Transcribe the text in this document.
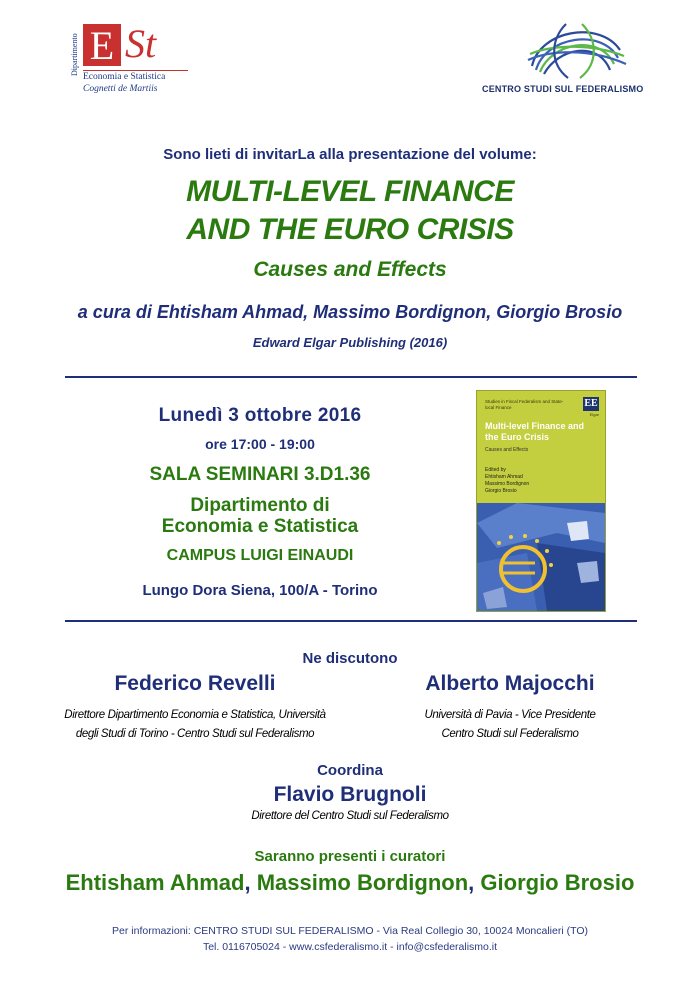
Dipartimento E St
Economia e Statistica
Cognetti de Martiis	CENTRO STUDI SUL FEDERALISMO
Sono lieti di invitarLa alla presentazione del volume:
MULTI-LEVEL FINANCE
AND THE EURO CRISIS
Causes and Effects
a cura di Ehtisham Ahmad, Massimo Bordignon, Giorgio Brosio
Edward Elgar Publishing (2016)
Lunedì 3 ottobre 2016
ore 17:00 - 19:00
SALA SEMINARI 3.D1.36
Dipartimento di
Economia e Statistica
CAMPUS LUIGI EINAUDI
Lungo Dora Siena, 100/A - Torino
Studies in Fiscal Federalism and State-local Finance	EE
Elgar
Multi-level Finance and the Euro Crisis
Causes and Effects
Edited by
Ehtisham Ahmad
Massimo Bordignon
Giorgio Brosio
Ne discutono
Federico Revelli
Direttore Dipartimento Economia e Statistica, Università
degli Studi di Torino - Centro Studi sul Federalismo
Alberto Majocchi
Università di Pavia - Vice Presidente
Centro Studi sul Federalismo
Coordina
Flavio Brugnoli
Direttore del Centro Studi sul Federalismo
Saranno presenti i curatori
Ehtisham Ahmad, Massimo Bordignon, Giorgio Brosio
Per informazioni: CENTRO STUDI SUL FEDERALISMO - Via Real Collegio 30, 10024 Moncalieri (TO)
Tel. 0116705024 - www.csfederalismo.it - info@csfederalismo.it
